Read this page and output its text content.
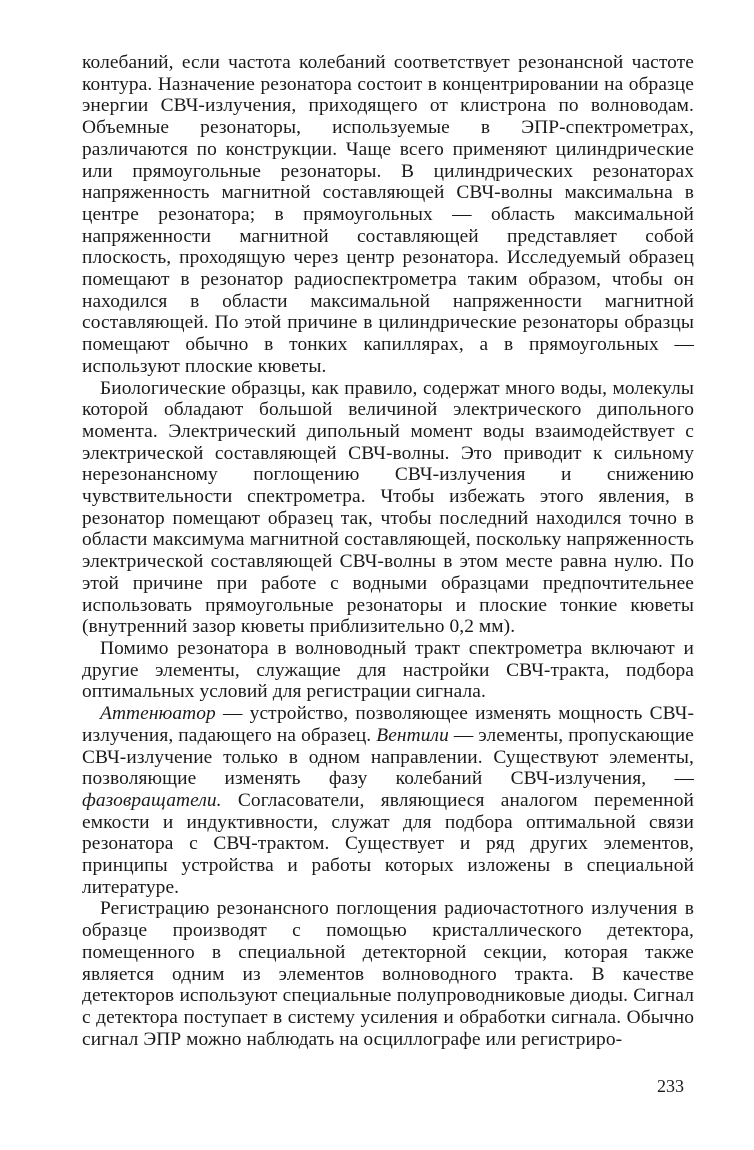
колебаний, если частота колебаний соответствует резонансной частоте контура. Назначение резонатора состоит в концентрировании на образце энергии СВЧ-излучения, приходящего от клистрона по волноводам. Объемные резонаторы, используемые в ЭПР-спектрометрах, различаются по конструкции. Чаще всего применяют цилиндрические или прямоугольные резонаторы. В цилиндрических резонаторах напряженность магнитной составляющей СВЧ-волны максимальна в центре резонатора; в прямоугольных — область максимальной напряженности магнитной составляющей представляет собой плоскость, проходящую через центр резонатора. Исследуемый образец помещают в резонатор радиоспектрометра таким образом, чтобы он находился в области максимальной напряженности магнитной составляющей. По этой причине в цилиндрические резонаторы образцы помещают обычно в тонких капиллярах, а в прямоугольных — используют плоские кюветы.

Биологические образцы, как правило, содержат много воды, молекулы которой обладают большой величиной электрического дипольного момента. Электрический дипольный момент воды взаимодействует с электрической составляющей СВЧ-волны. Это приводит к сильному нерезонансному поглощению СВЧ-излучения и снижению чувствительности спектрометра. Чтобы избежать этого явления, в резонатор помещают образец так, чтобы последний находился точно в области максимума магнитной составляющей, поскольку напряженность электрической составляющей СВЧ-волны в этом месте равна нулю. По этой причине при работе с водными образцами предпочтительнее использовать прямоугольные резонаторы и плоские тонкие кюветы (внутренний зазор кюветы приблизительно 0,2 мм).

Помимо резонатора в волноводный тракт спектрометра включают и другие элементы, служащие для настройки СВЧ-тракта, подбора оптимальных условий для регистрации сигнала.

Аттенюатор — устройство, позволяющее изменять мощность СВЧ-излучения, падающего на образец. Вентили — элементы, пропускающие СВЧ-излучение только в одном направлении. Существуют элементы, позволяющие изменять фазу колебаний СВЧ-излучения, — фазовращатели. Согласователи, являющиеся аналогом переменной емкости и индуктивности, служат для подбора оптимальной связи резонатора с СВЧ-трактом. Существует и ряд других элементов, принципы устройства и работы которых изложены в специальной литературе.

Регистрацию резонансного поглощения радиочастотного излучения в образце производят с помощью кристаллического детектора, помещенного в специальной детекторной секции, которая также является одним из элементов волноводного тракта. В качестве детекторов используют специальные полупроводниковые диоды. Сигнал с детектора поступает в систему усиления и обработки сигнала. Обычно сигнал ЭПР можно наблюдать на осциллографе или регистриро-

233
